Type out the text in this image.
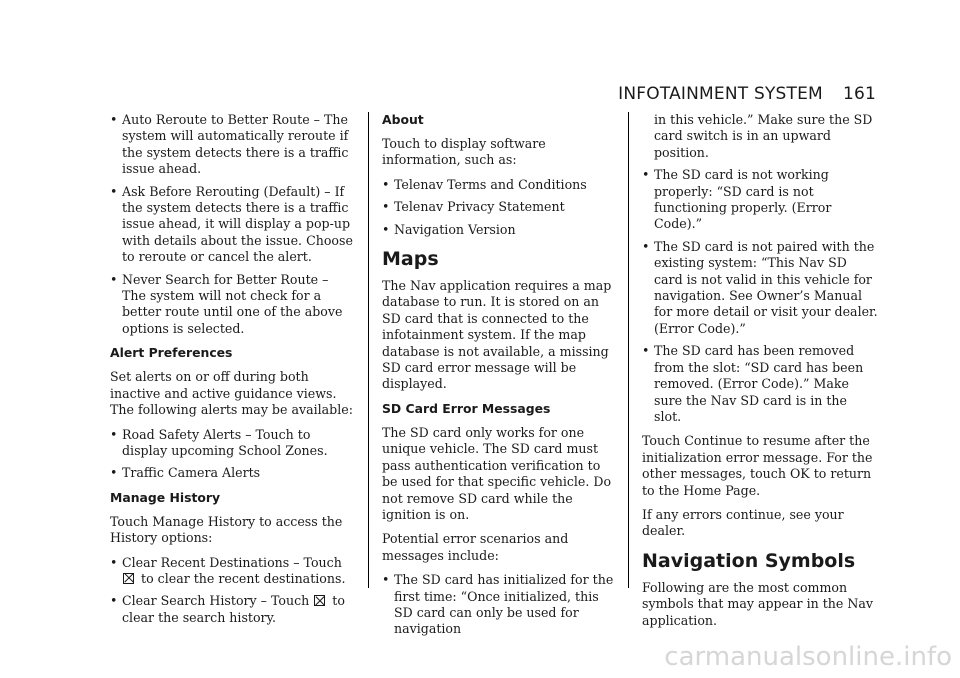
INFOTAINMENT SYSTEM 161
• Auto Reroute to Better Route – The system will automatically reroute if the system detects there is a traffic issue ahead.
• Ask Before Rerouting (Default) – If the system detects there is a traffic issue ahead, it will display a pop-up with details about the issue. Choose to reroute or cancel the alert.
• Never Search for Better Route – The system will not check for a better route until one of the above options is selected.
Alert Preferences

Set alerts on or off during both inactive and active guidance views. The following alerts may be available:

• Road Safety Alerts – Touch to display upcoming School Zones.
• Traffic Camera Alerts
Manage History

Touch Manage History to access the History options:

• Clear Recent Destinations – Touch
to clear the recent destinations.
• Clear Search History – Touch to clear the search history.
About

Touch to display software information, such as:

• Telenav Terms and Conditions
• Telenav Privacy Statement
• Navigation Version
Maps

The Nav application requires a map database to run. It is stored on an SD card that is connected to the infotainment system. If the map database is not available, a missing SD card error message will be displayed.

SD Card Error Messages

The SD card only works for one unique vehicle. The SD card must pass authentication verification to be used for that specific vehicle. Do not remove SD card while the ignition is on.

Potential error scenarios and messages include:

• The SD card has initialized for the first time: “Once initialized, this SD card can only be used for navigation

in this vehicle.” Make sure the SD card switch is in an upward position.

• The SD card is not working properly: “SD card is not functioning properly. (Error Code).”
• The SD card is not paired with the existing system: “This Nav SD card is not valid in this vehicle for navigation. See Owner’s Manual for more detail or visit your dealer. (Error Code).”
• The SD card has been removed from the slot: “SD card has been removed. (Error Code).” Make sure the Nav SD card is in the slot.

Touch Continue to resume after the initialization error message. For the other messages, touch OK to return to the Home Page.

If any errors continue, see your dealer.

Navigation Symbols

Following are the most common symbols that may appear in the Nav application.

carmanualsonline.info
